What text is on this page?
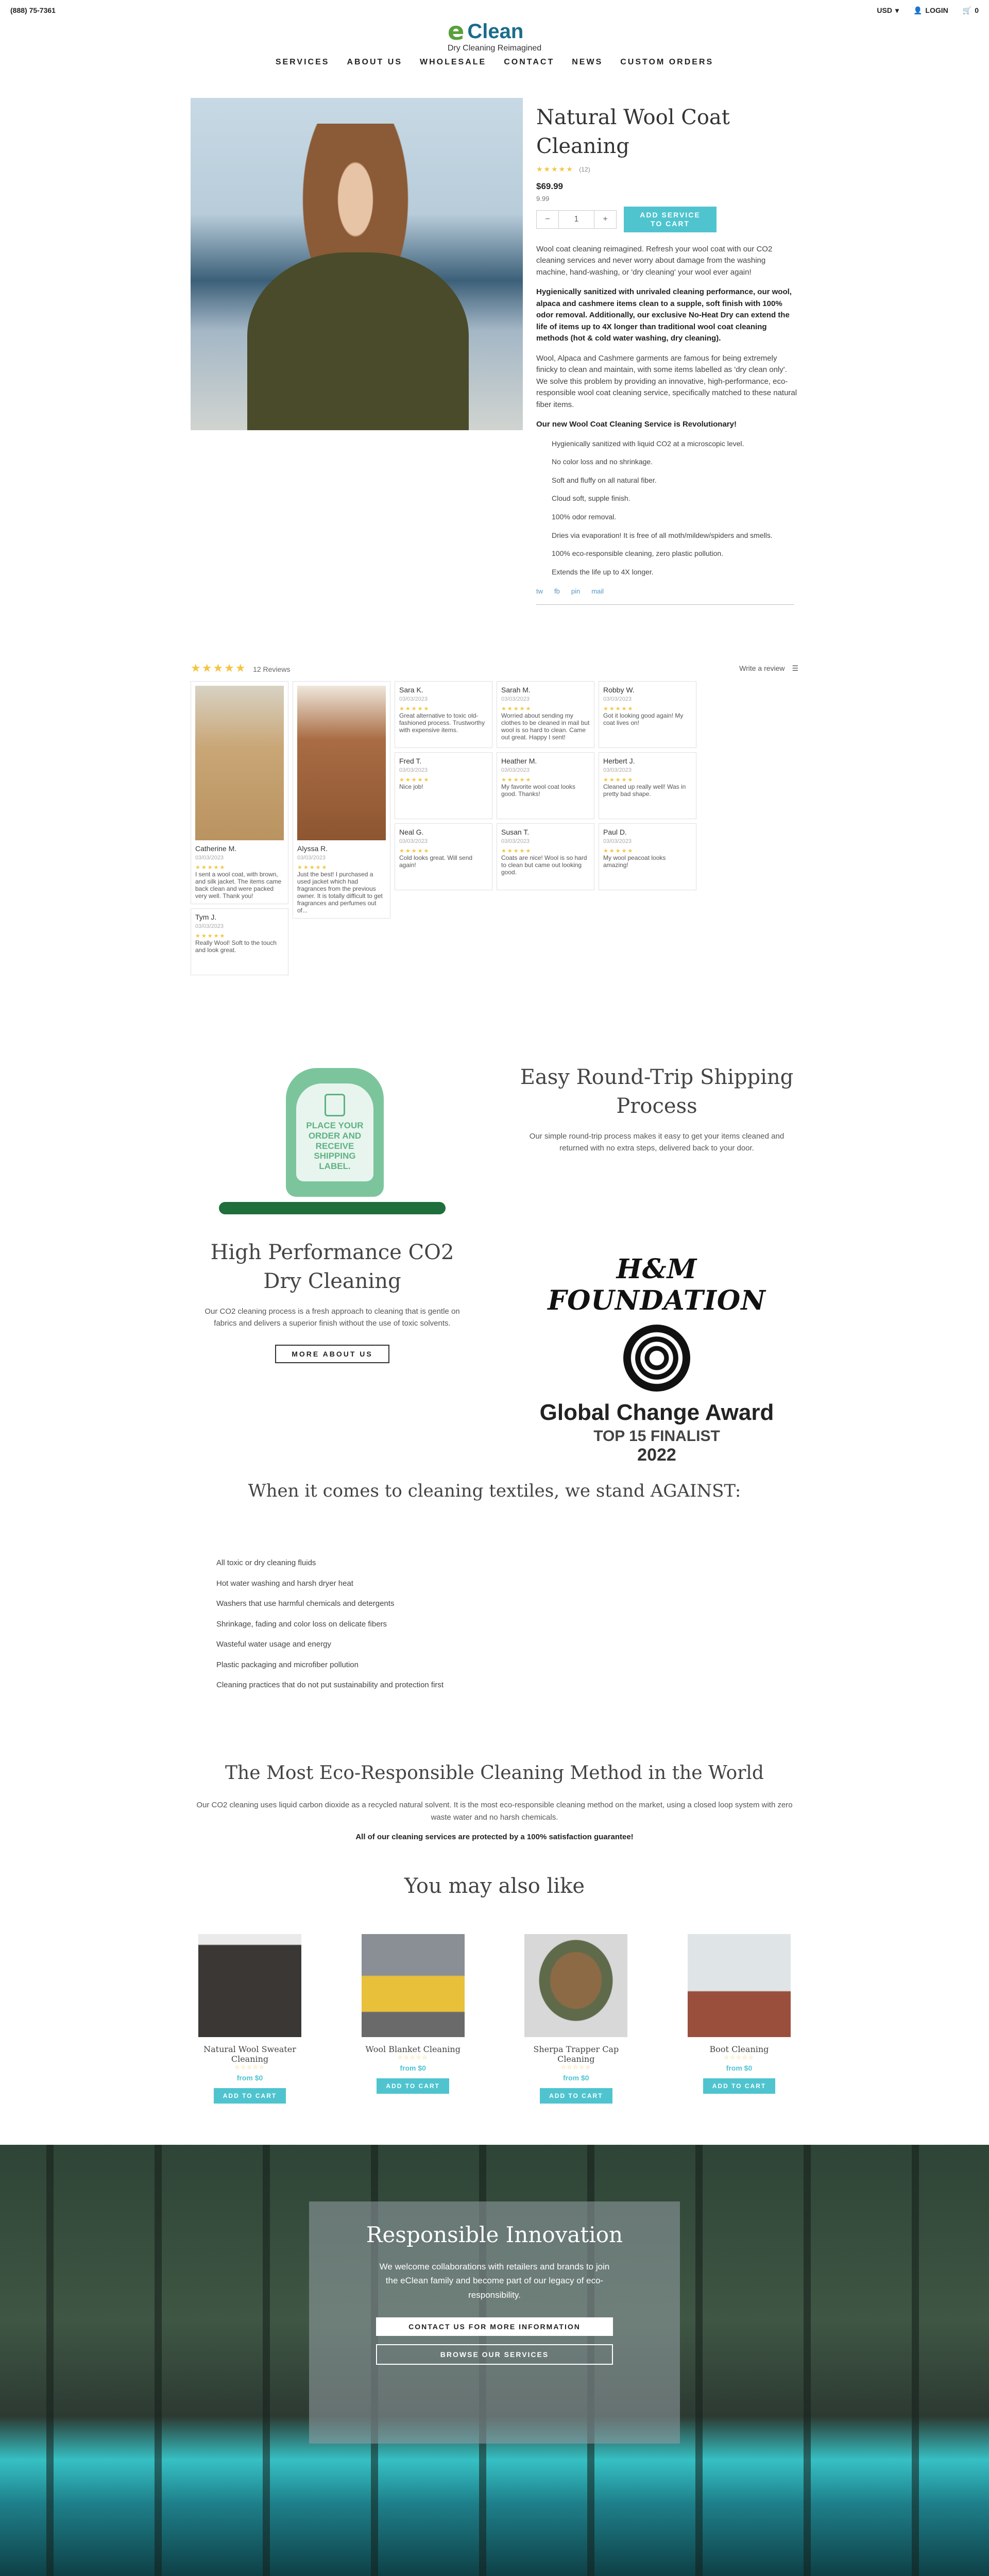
(888) 75-7361	USD ▾ 👤 LOGIN 🛒 0
e Clean
Dry Cleaning Reimagined
SERVICES ABOUT US WHOLESALE CONTACT NEWS CUSTOM ORDERS
Natural Wool Coat Cleaning
★★★★★ (12)
$69.99
9.99
−	1	+	ADD SERVICE TO CART

Wool coat cleaning reimagined. Refresh your wool coat with our CO2 cleaning services and never worry about damage from the washing machine, hand-washing, or 'dry cleaning' your wool ever again!

Hygienically sanitized with unrivaled cleaning performance, our wool, alpaca and cashmere items clean to a supple, soft finish with 100% odor removal. Additionally, our exclusive No-Heat Dry can extend the life of items up to 4X longer than traditional wool coat cleaning methods (hot & cold water washing, dry cleaning).

Wool, Alpaca and Cashmere garments are famous for being extremely finicky to clean and maintain, with some items labelled as 'dry clean only'. We solve this problem by providing an innovative, high-performance, eco-responsible wool coat cleaning service, specifically matched to these natural fiber items.

Our new Wool Coat Cleaning Service is Revolutionary!

Hygienically sanitized with liquid CO2 at a microscopic level.
No color loss and no shrinkage.
Soft and fluffy on all natural fiber.
Cloud soft, supple finish.
100% odor removal.
Dries via evaporation! It is free of all moth/mildew/spiders and smells.
100% eco-responsible cleaning, zero plastic pollution.
Extends the life up to 4X longer.
tw fb pin mail
★★★★★ 12 Reviews	Write a review ☰
Catherine M.
03/03/2023
★★★★★
I sent a wool coat, with brown, and silk jacket. The items came back clean and were packed very well. Thank you!
Tym J.
03/03/2023
★★★★★
Really Wool! Soft to the touch and look great.
Alyssa R.
03/03/2023
★★★★★
Just the best! I purchased a used jacket which had fragrances from the previous owner. It is totally difficult to get fragrances and perfumes out of...
Sara K.
03/03/2023
★★★★★
Great alternative to toxic old-fashioned process. Trustworthy with expensive items.
Fred T.
03/03/2023
★★★★★
Nice job!
Neal G.
03/03/2023
★★★★★
Cold looks great. Will send again!
Sarah M.
03/03/2023
★★★★★
Worried about sending my clothes to be cleaned in mail but wool is so hard to clean. Came out great. Happy I sent!
Heather M.
03/03/2023
★★★★★
My favorite wool coat looks good. Thanks!
Susan T.
03/03/2023
★★★★★
Coats are nice! Wool is so hard to clean but came out looking good.
Robby W.
03/03/2023
★★★★★
Got it looking good again! My coat lives on!
Herbert J.
03/03/2023
★★★★★
Cleaned up really well! Was in pretty bad shape.
Paul D.
03/03/2023
★★★★★
My wool peacoat looks amazing!
PLACE YOUR ORDER AND RECEIVE SHIPPING LABEL.
Easy Round-Trip Shipping Process

Our simple round-trip process makes it easy to get your items cleaned and returned with no extra steps, delivered back to your door.

High Performance CO2 Dry Cleaning

Our CO2 cleaning process is a fresh approach to cleaning that is gentle on fabrics and delivers a superior finish without the use of toxic solvents.

MORE ABOUT US
H&M FOUNDATION
Global Change Award
TOP 15 FINALIST
2022
When it comes to cleaning textiles, we stand AGAINST:
All toxic or dry cleaning fluids
Hot water washing and harsh dryer heat
Washers that use harmful chemicals and detergents
Shrinkage, fading and color loss on delicate fibers
Wasteful water usage and energy
Plastic packaging and microfiber pollution
Cleaning practices that do not put sustainability and protection first
The Most Eco-Responsible Cleaning Method in the World

Our CO2 cleaning uses liquid carbon dioxide as a recycled natural solvent. It is the most eco-responsible cleaning method on the market, using a closed loop system with zero waste water and no harsh chemicals.

All of our cleaning services are protected by a 100% satisfaction guarantee!

You may also like
Natural Wool Sweater Cleaning
☆☆☆☆☆
from $0
ADD TO CART
Wool Blanket Cleaning
☆☆☆☆☆
from $0
ADD TO CART
Sherpa Trapper Cap Cleaning
☆☆☆☆☆
from $0
ADD TO CART
Boot Cleaning
☆☆☆☆☆
from $0
ADD TO CART
Responsible Innovation

We welcome collaborations with retailers and brands to join the eClean family and become part of our legacy of eco-responsibility.

CONTACT US FOR MORE INFORMATION
BROWSE OUR SERVICES
